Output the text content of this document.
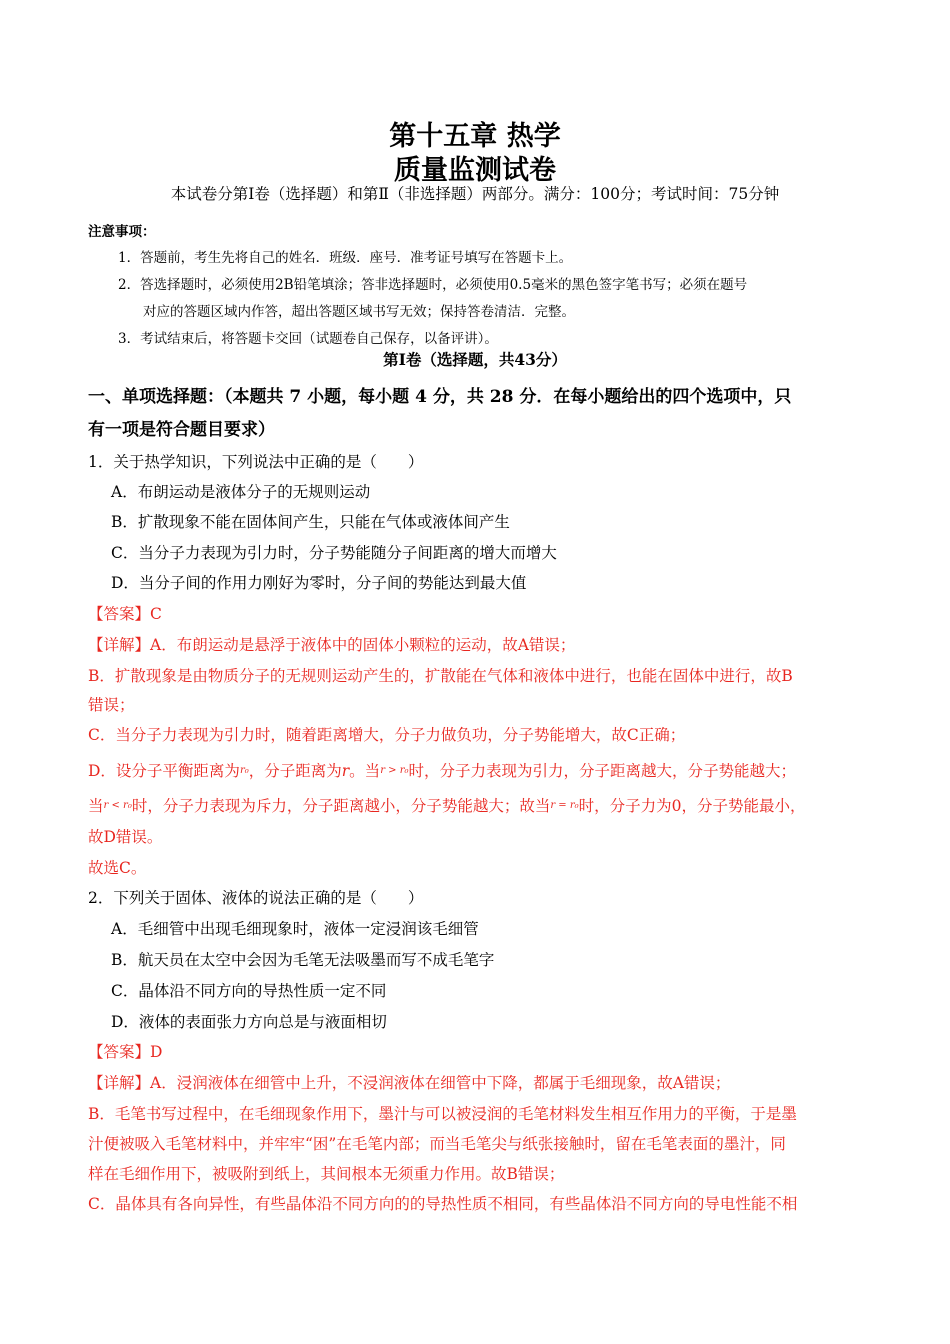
第十五章 热学
质量监测试卷
本试卷分第Ⅰ卷（选择题）和第Ⅱ（非选择题）两部分。满分：100分；考试时间：75分钟
注意事项：
1．答题前，考生先将自己的姓名．班级．座号．准考证号填写在答题卡上。
2．答选择题时，必须使用2B铅笔填涂；答非选择题时，必须使用0.5毫米的黑色签字笔书写；必须在题号
对应的答题区域内作答，超出答题区域书写无效；保持答卷清洁．完整。
3．考试结束后，将答题卡交回（试题卷自己保存，以备评讲）。
第Ⅰ卷（选择题，共43分）
一、单项选择题：（本题共 7 小题，每小题 4 分，共 28 分．在每小题给出的四个选项中，只
有一项是符合题目要求）
1．关于热学知识，下列说法中正确的是（　　）
A．布朗运动是液体分子的无规则运动
B．扩散现象不能在固体间产生，只能在气体或液体间产生
C．当分子力表现为引力时，分子势能随分子间距离的增大而增大
D．当分子间的作用力刚好为零时，分子间的势能达到最大值
【答案】C
【详解】A．布朗运动是悬浮于液体中的固体小颗粒的运动，故A错误；
B．扩散现象是由物质分子的无规则运动产生的，扩散能在气体和液体中进行，也能在固体中进行，故B
错误；
C．当分子力表现为引力时，随着距离增大，分子力做负功，分子势能增大，故C正确；
D．设分子平衡距离为r₀，分子距离为r。当r > r₀时，分子力表现为引力，分子距离越大，分子势能越大；
当r < r₀时，分子力表现为斥力，分子距离越小，分子势能越大；故当r = r₀时，分子力为0，分子势能最小，
故D错误。
故选C。
2．下列关于固体、液体的说法正确的是（　　）
A．毛细管中出现毛细现象时，液体一定浸润该毛细管
B．航天员在太空中会因为毛笔无法吸墨而写不成毛笔字
C．晶体沿不同方向的导热性质一定不同
D．液体的表面张力方向总是与液面相切
【答案】D
【详解】A．浸润液体在细管中上升，不浸润液体在细管中下降，都属于毛细现象，故A错误；
B．毛笔书写过程中，在毛细现象作用下，墨汁与可以被浸润的毛笔材料发生相互作用力的平衡，于是墨
汁便被吸入毛笔材料中，并牢牢“困”在毛笔内部；而当毛笔尖与纸张接触时，留在毛笔表面的墨汁，同
样在毛细作用下，被吸附到纸上，其间根本无须重力作用。故B错误；
C．晶体具有各向异性，有些晶体沿不同方向的的导热性质不相同，有些晶体沿不同方向的导电性能不相
